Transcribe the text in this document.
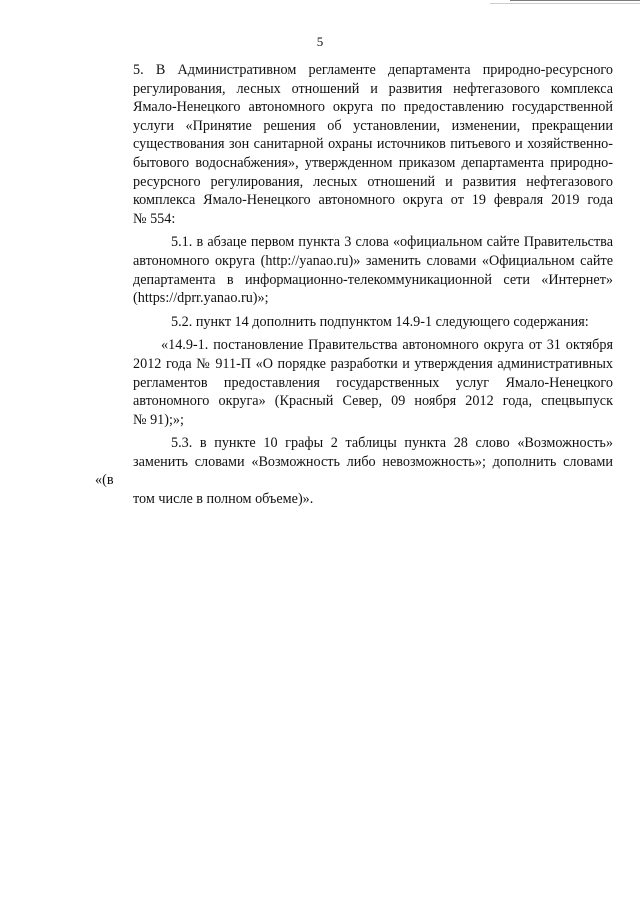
5

5. В Административном регламенте департамента природно-ресурсного
регулирования, лесных отношений и развития нефтегазового комплекса
Ямало-Ненецкого автономного округа по предоставлению государственной
услуги «Принятие решения об установлении, изменении, прекращении
существования зон санитарной охраны источников питьевого и хозяйственно-
бытового водоснабжения», утвержденном приказом департамента природно-
ресурсного регулирования, лесных отношений и развития нефтегазового
комплекса Ямало-Ненецкого автономного округа от 19 февраля 2019 года
№ 554:

5.1. в абзаце первом пункта 3 слова «официальном сайте Правительства
автономного округа (http://yanao.ru)» заменить словами «Официальном сайте
департамента в информационно-телекоммуникационной сети «Интернет»
(https://dprr.yanao.ru)»;

5.2. пункт 14 дополнить подпунктом 14.9-1 следующего содержания:

«14.9-1. постановление Правительства автономного округа от 31 октября
2012 года № 911-П «О порядке разработки и утверждения административных
регламентов предоставления государственных услуг Ямало-Ненецкого
автономного округа» (Красный Север, 09 ноября 2012 года, спецвыпуск
№ 91);»;

5.3. в пункте 10 графы 2 таблицы пункта 28 слово «Возможность»
заменить словами «Возможность либо невозможность»; дополнить словами «(в
том числе в полном объеме)».
